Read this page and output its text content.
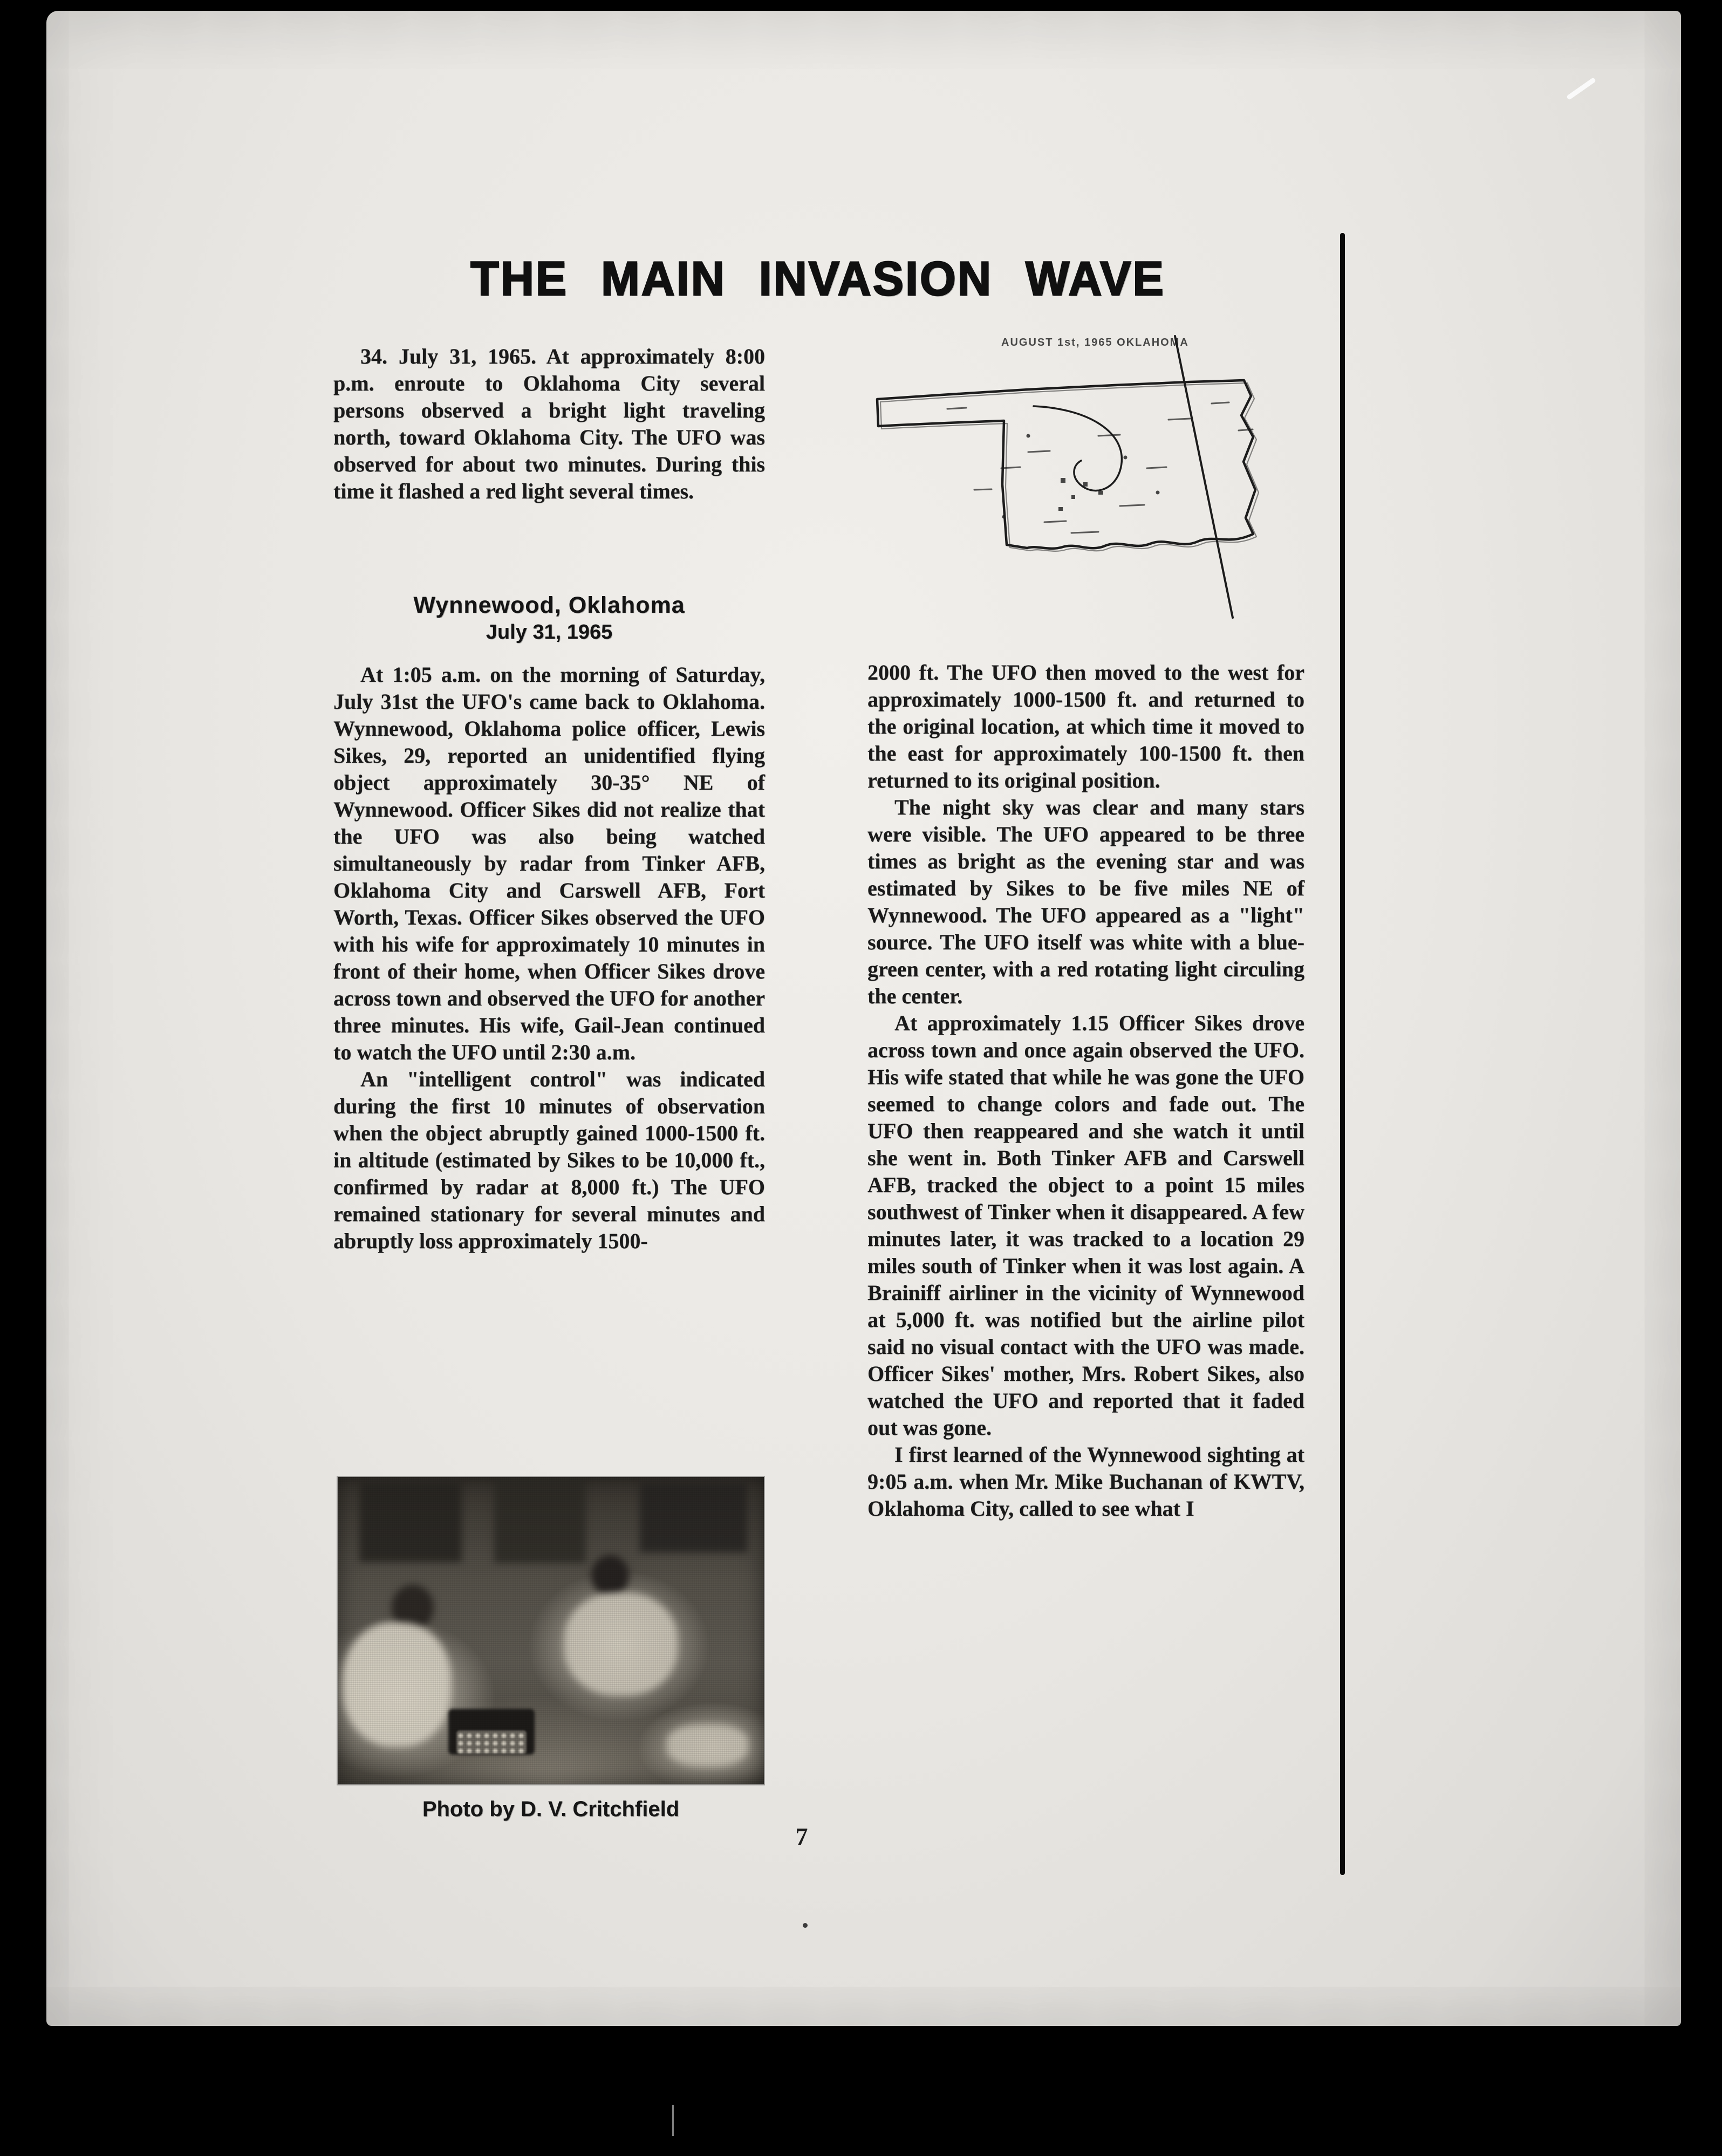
THE MAIN INVASION WAVE

34. July 31, 1965. At approximately 8:00 p.m. enroute to Oklahoma City several persons observed a bright light traveling north, toward Oklahoma City. The UFO was observed for about two minutes. During this time it flashed a red light several times.

AUGUST 1st, 1965 OKLAHOMA
Wynnewood, Oklahoma
July 31, 1965

At 1:05 a.m. on the morning of Saturday, July 31st the UFO's came back to Oklahoma. Wynnewood, Oklahoma police officer, Lewis Sikes, 29, reported an unidentified flying object approximately 30-35° NE of Wynnewood. Officer Sikes did not realize that the UFO was also being watched simultaneously by radar from Tinker AFB, Oklahoma City and Carswell AFB, Fort Worth, Texas. Officer Sikes observed the UFO with his wife for approximately 10 minutes in front of their home, when Officer Sikes drove across town and observed the UFO for another three minutes. His wife, Gail-Jean continued to watch the UFO until 2:30 a.m.

An "intelligent control" was indicated during the first 10 minutes of observation when the object abruptly gained 1000-1500 ft. in altitude (estimated by Sikes to be 10,000 ft., confirmed by radar at 8,000 ft.) The UFO remained stationary for several minutes and abruptly loss approximately 1500-

2000 ft. The UFO then moved to the west for approximately 1000-1500 ft. and returned to the original location, at which time it moved to the east for approximately 100-1500 ft. then returned to its original position.

The night sky was clear and many stars were visible. The UFO appeared to be three times as bright as the evening star and was estimated by Sikes to be five miles NE of Wynnewood. The UFO appeared as a "light" source. The UFO itself was white with a blue-green center, with a red rotating light circuling the center.

At approximately 1.15 Officer Sikes drove across town and once again observed the UFO. His wife stated that while he was gone the UFO seemed to change colors and fade out. The UFO then reappeared and she watch it until she went in. Both Tinker AFB and Carswell AFB, tracked the object to a point 15 miles southwest of Tinker when it disappeared. A few minutes later, it was tracked to a location 29 miles south of Tinker when it was lost again. A Brainiff airliner in the vicinity of Wynnewood at 5,000 ft. was notified but the airline pilot said no visual contact with the UFO was made. Officer Sikes' mother, Mrs. Robert Sikes, also watched the UFO and reported that it faded out was gone.

I first learned of the Wynnewood sighting at 9:05 a.m. when Mr. Mike Buchanan of KWTV, Oklahoma City, called to see what I

Photo by D. V. Critchfield
7
